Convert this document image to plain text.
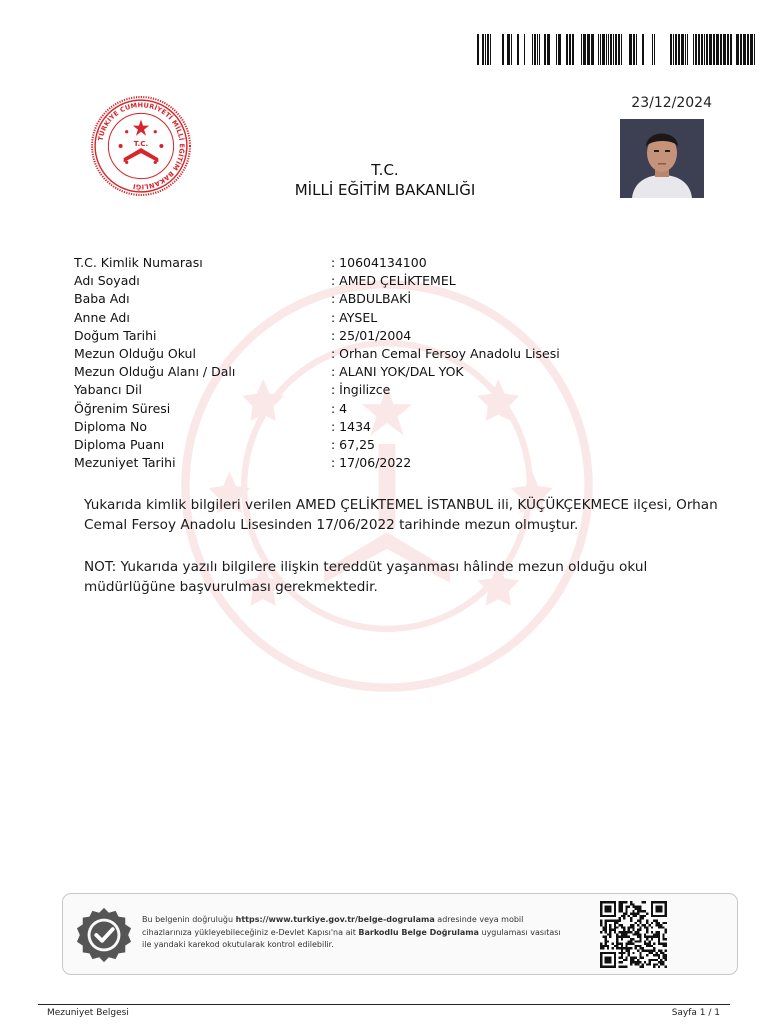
TÜRKİYE CUMHURİYETİ MİLLİ EĞİTİM BAKANLIĞI
T.C.
23/12/2024
T.C.
MİLLİ EĞİTİM BAKANLIĞI
T.C. Kimlik Numarası	: 10604134100
Adı Soyadı	: AMED ÇELİKTEMEL
Baba Adı	: ABDULBAKİ
Anne Adı	: AYSEL
Doğum Tarihi	: 25/01/2004
Mezun Olduğu Okul	: Orhan Cemal Fersoy Anadolu Lisesi
Mezun Olduğu Alanı / Dalı	: ALANI YOK/DAL YOK
Yabancı Dil	: İngilizce
Öğrenim Süresi	: 4
Diploma No	: 1434
Diploma Puanı	: 67,25
Mezuniyet Tarihi	: 17/06/2022

Yukarıda kimlik bilgileri verilen AMED ÇELİKTEMEL İSTANBUL ili, KÜÇÜKÇEKMECE ilçesi, Orhan Cemal Fersoy Anadolu Lisesinden 17/06/2022 tarihinde mezun olmuştur.

NOT: Yukarıda yazılı bilgilere ilişkin tereddüt yaşanması hâlinde mezun olduğu okul müdürlüğüne başvurulması gerekmektedir.

Bu belgenin doğruluğu https://www.turkiye.gov.tr/belge-dogrulama adresinde veya mobil cihazlarınıza yükleyebileceğiniz e-Devlet Kapısı'na ait Barkodlu Belge Doğrulama uygulaması vasıtası ile yandaki karekod okutularak kontrol edilebilir.
Mezuniyet Belgesi	Sayfa 1 / 1
